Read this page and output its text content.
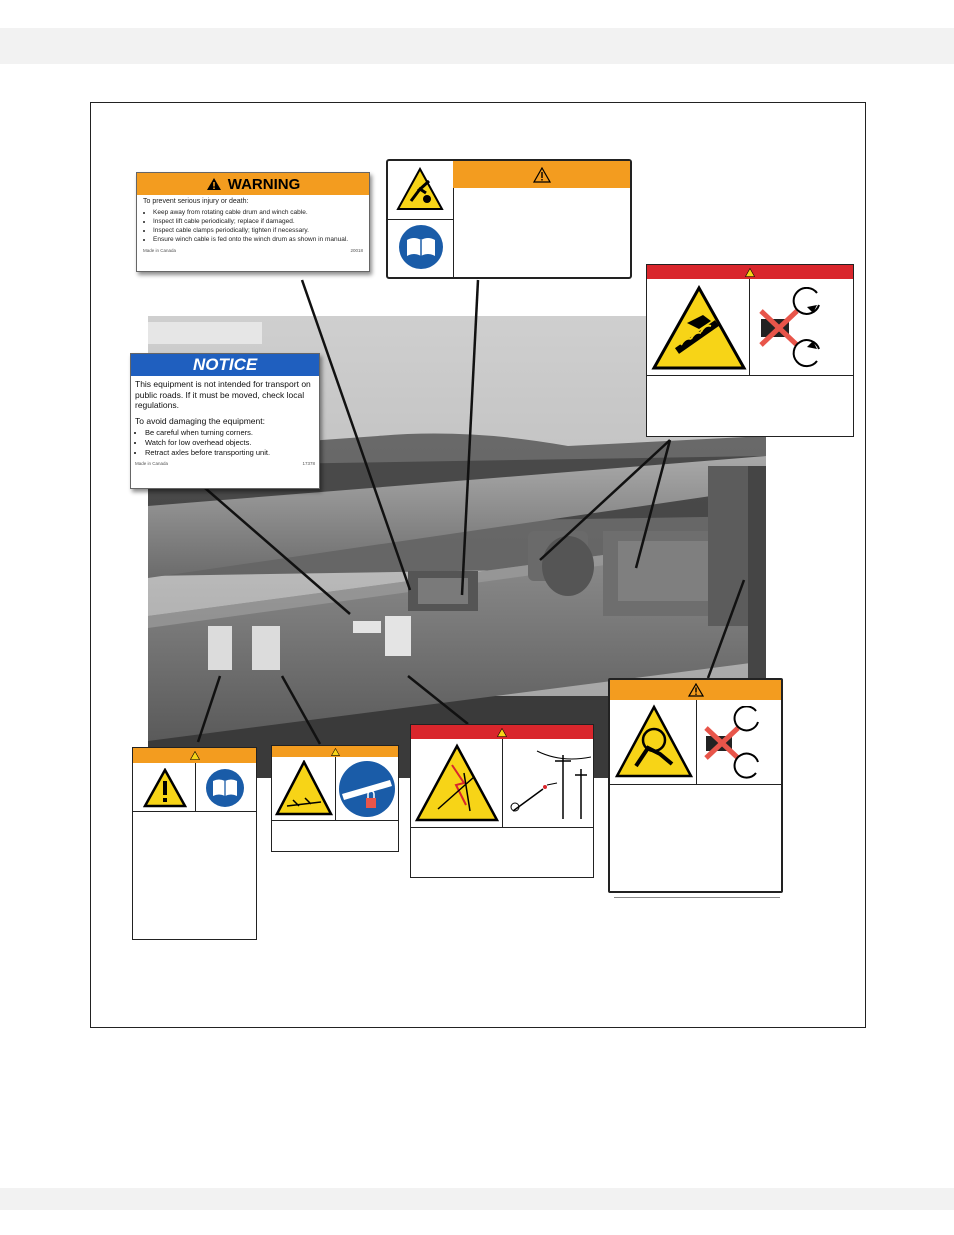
WARNING
To prevent serious injury or death:
• Keep away from rotating cable drum and winch cable.
• Inspect lift cable periodically; replace if damaged.
• Inspect cable clamps periodically; tighten if necessary.
• Ensure winch cable is fed onto the winch drum as shown in manual.
Made in Canada	20018
NOTICE
This equipment is not intended for transport on public roads. If it must be moved, check local regulations.
To avoid damaging the equipment:
• Be careful when turning corners.
• Watch for low overhead objects.
• Retract axles before transporting unit.
Made in Canada	17378
